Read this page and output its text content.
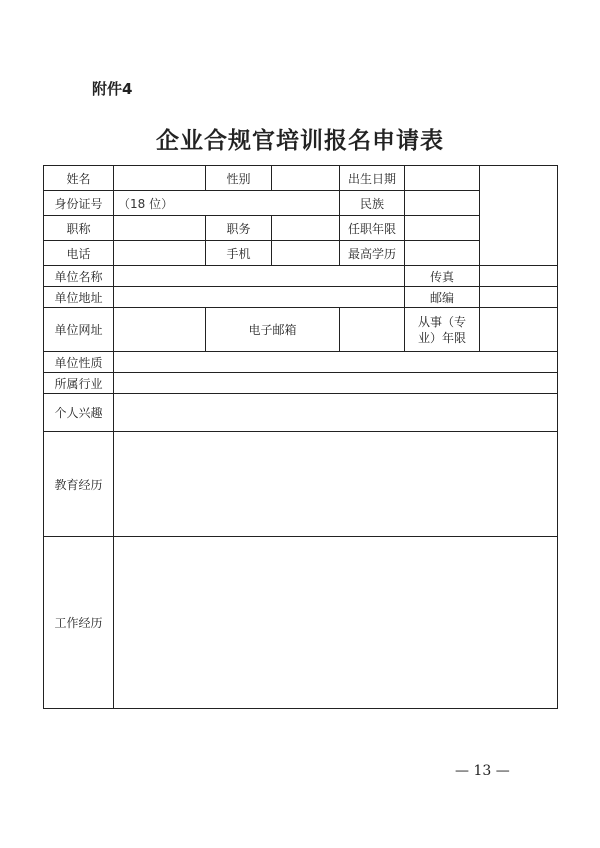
附件4
企业合规官培训报名申请表
姓名		性别		出生日期		
身份证号	（18 位）			民族		
职称		职务		任职年限		
电话		手机		最高学历		
单位名称					传真	
单位地址					邮编	
单位网址		电子邮箱			从事（专业）年限	
单位性质						
所属行业						
个人兴趣						
教育经历						
工作经历						
— 13 —
